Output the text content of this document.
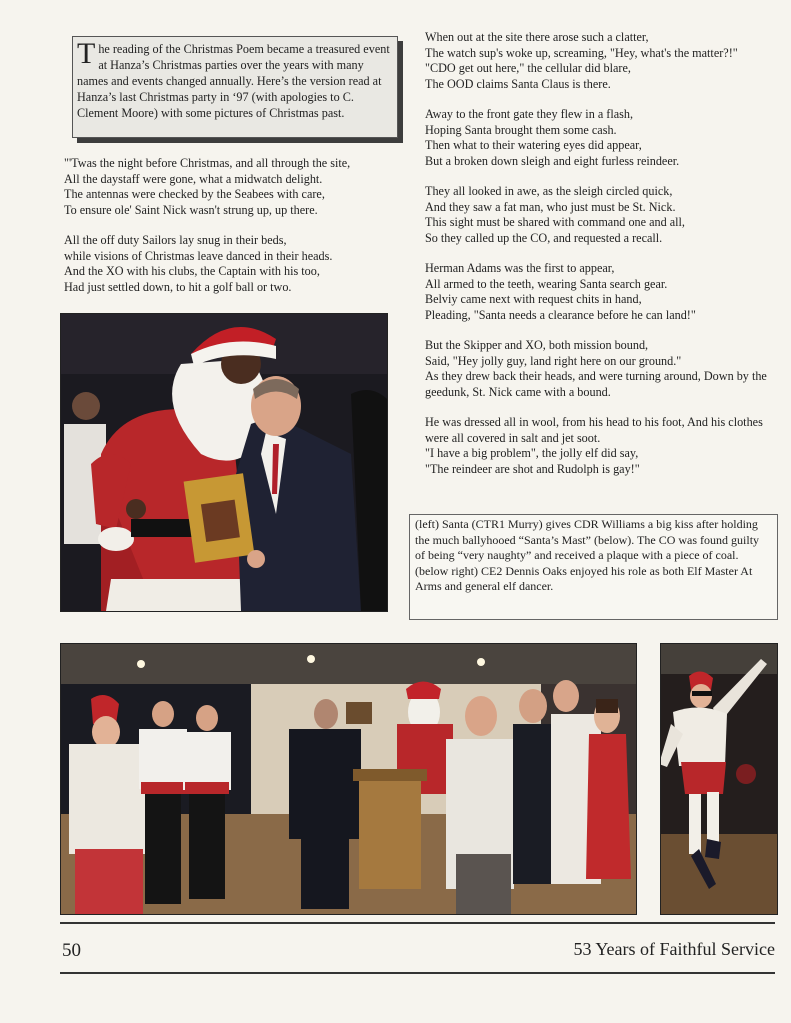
The reading of the Christmas Poem became a treasured event at Hanza’s Christmas parties over the years with many names and events changed annually. Here’s the version read at Hanza’s last Christmas party in ‘97 (with apologies to C. Clement Moore) with some pictures of Christmas past.

"'Twas the night before Christmas, and all through the site,
All the daystaff were gone, what a midwatch delight.
The antennas were checked by the Seabees with care,
To ensure ole' Saint Nick wasn't strung up, up there.

All the off duty Sailors lay snug in their beds,
while visions of Christmas leave danced in their heads.
And the XO with his clubs, the Captain with his too,
Had just settled down, to hit a golf ball or two.

When out at the site there arose such a clatter,
The watch sup's woke up, screaming, "Hey, what's the matter?!"
"CDO get out here," the cellular did blare,
The OOD claims Santa Claus is there.

Away to the front gate they flew in a flash,
Hoping Santa brought them some cash.
Then what to their watering eyes did appear,
But a broken down sleigh and eight furless reindeer.

They all looked in awe, as the sleigh circled quick,
And they saw a fat man, who just must be St. Nick.
This sight must be shared with command one and all,
So they called up the CO, and requested a recall.

Herman Adams was the first to appear,
All armed to the teeth, wearing Santa search gear.
Belviy came next with request chits in hand,
Pleading, "Santa needs a clearance before he can land!"

But the Skipper and XO, both mission bound,
Said, "Hey jolly guy, land right here on our ground."
As they drew back their heads, and were turning around, Down by the geedunk, St. Nick came with a bound.

He was dressed all in wool, from his head to his foot, And his clothes were all covered in salt and jet soot.
"I have a big problem", the jolly elf did say,
"The reindeer are shot and Rudolph is gay!"

(left) Santa (CTR1 Murry) gives CDR Williams a big kiss after holding the much ballyhooed “Santa’s Mast” (below). The CO was found guilty of being “very naughty” and received a plaque with a piece of coal.
(below right) CE2 Dennis Oaks enjoyed his role as both Elf Master At Arms and general elf dancer.
50	53 Years of Faithful Service
